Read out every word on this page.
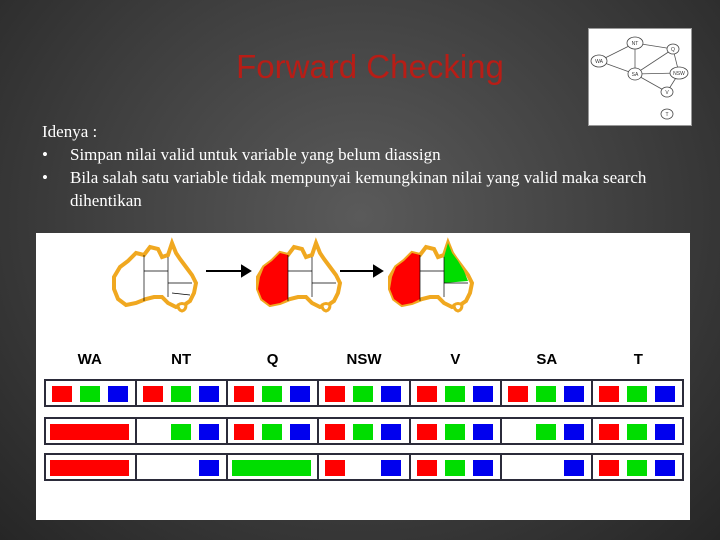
Forward Checking
NT
Q
WA
SA	NSW
V
T
Idenya :
•	Simpan nilai valid untuk variable yang belum diassign
•	Bila salah satu variable tidak mempunyai kemungkinan nilai yang valid maka search dihentikan
WA	NT	Q	NSW	V	SA	T
